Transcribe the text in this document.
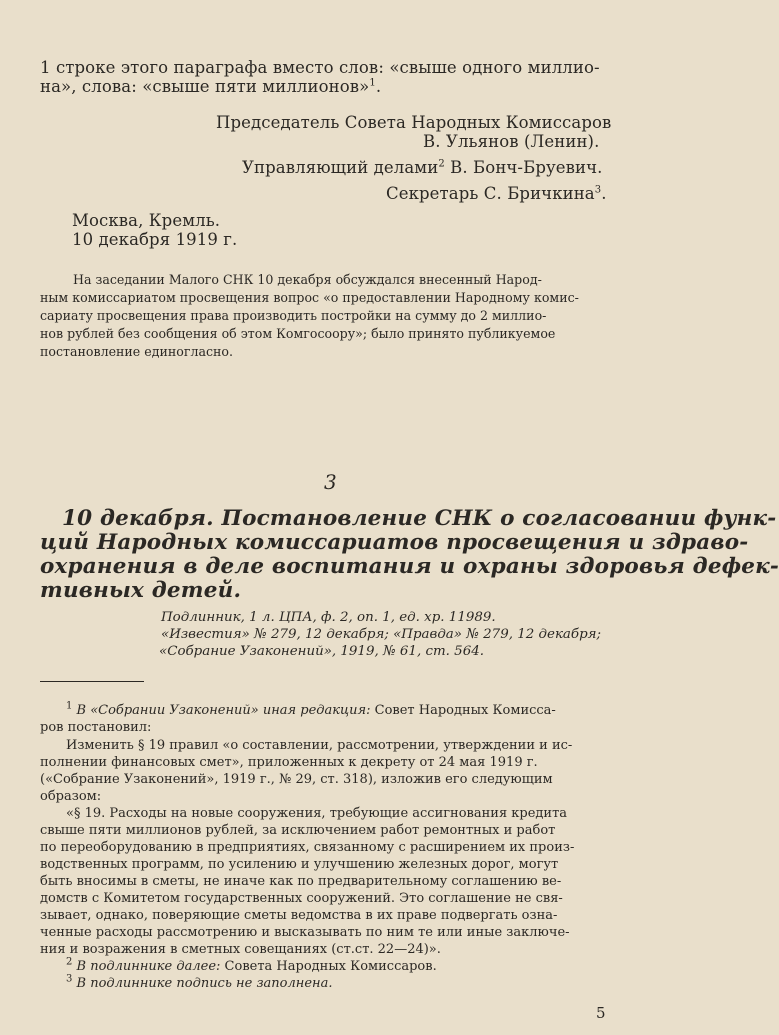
1 строке этого параграфа вместо слов: «свыше одного миллио-
на», слова: «свыше пяти миллионов»$^1$.
Председатель Совета Народных Комиссаров
В. Ульянов (Ленин).
Управляющий делами$^2$ В. Бонч-Бруевич.
Секретарь С. Бричкина$^3$.
Москва, Кремль.
10 декабря 1919 г.
На заседании Малого СНК 10 декабря обсуждался внесенный Народ-
ным комиссариатом просвещения вопрос «о предоставлении Народному комис-
сариату просвещения права производить постройки на сумму до 2 миллио-
нов рублей без сообщения об этом Комгосоору»; было принято публикуемое
постановление единогласно.
3
10 декабря. Постановление СНК о согласовании функ-
ций Народных комиссариатов просвещения и здраво-
охранения в деле воспитания и охраны здоровья дефек-
тивных детей.
Подлинник, 1 л. ЦПА, ф. 2, оп. 1, ед. хр. 11989.
«Известия» № 279, 12 декабря; «Правда» № 279, 12 декабря;
«Собрание Узаконений», 1919, № 61, ст. 564.
$^1$ В «Собрании Узаконений» иная редакция: Совет Народных Комисса-
ров постановил:
Изменить § 19 правил «о составлении, рассмотрении, утверждении и ис-
полнении финансовых смет», приложенных к декрету от 24 мая 1919 г.
(«Собрание Узаконений», 1919 г., № 29, ст. 318), изложив его следующим
образом:
«§ 19. Расходы на новые сооружения, требующие ассигнования кредита
свыше пяти миллионов рублей, за исключением работ ремонтных и работ
по переоборудованию в предприятиях, связанному с расширением их произ-
водственных программ, по усилению и улучшению железных дорог, могут
быть вносимы в сметы, не иначе как по предварительному соглашению ве-
домств с Комитетом государственных сооружений. Это соглашение не свя-
зывает, однако, поверяющие сметы ведомства в их праве подвергать озна-
ченные расходы рассмотрению и высказывать по ним те или иные заключе-
ния и возражения в сметных совещаниях (ст.ст. 22—24)».
$^2$ В подлиннике далее: Совета Народных Комиссаров.
$^3$ В подлиннике подпись не заполнена.
5
